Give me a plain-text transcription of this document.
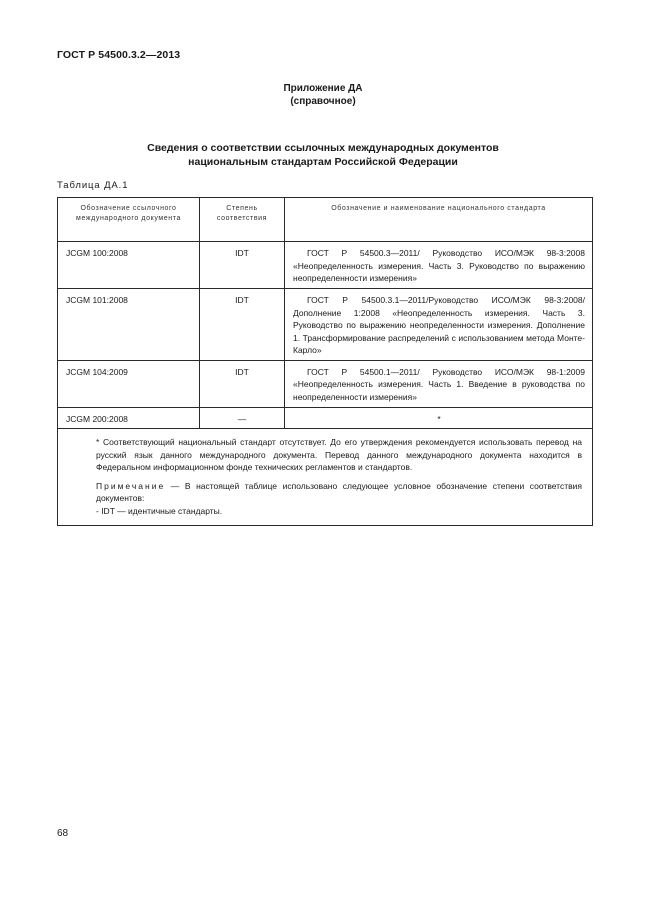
ГОСТ Р 54500.3.2—2013
Приложение ДА
(справочное)
Сведения о соответствии ссылочных международных документов
национальным стандартам Российской Федерации
Таблица ДА.1
Обозначение ссылочного международного документа	Степень соответствия	Обозначение и наименование национального стандарта
JCGM 100:2008	IDT	ГОСТ Р 54500.3—2011/ Руководство ИСО/МЭК 98-3:2008 «Неопределенность измерения. Часть 3. Руководство по выражению неопределенности измерения»
JCGM 101:2008	IDT	ГОСТ Р 54500.3.1—2011/Руководство ИСО/МЭК 98-3:2008/ Дополнение 1:2008 «Неопределенность измерения. Часть 3. Руководство по выражению неопределенности измерения. Дополнение 1. Трансформирование распределений с использованием метода Монте-Карло»
JCGM 104:2009	IDT	ГОСТ Р 54500.1—2011/ Руководство ИСО/МЭК 98-1:2009 «Неопределенность измерения. Часть 1. Введение в руководства по неопределенности измерения»
JCGM 200:2008	—	*

* Соответствующий национальный стандарт отсутствует. До его утверждения рекомендуется использовать перевод на русский язык данного международного документа. Перевод данного международного документа находится в Федеральном информационном фонде технических регламентов и стандартов.
Примечание — В настоящей таблице использовано следующее условное обозначение степени соответствия документов:
- IDT — идентичные стандарты.		
68
